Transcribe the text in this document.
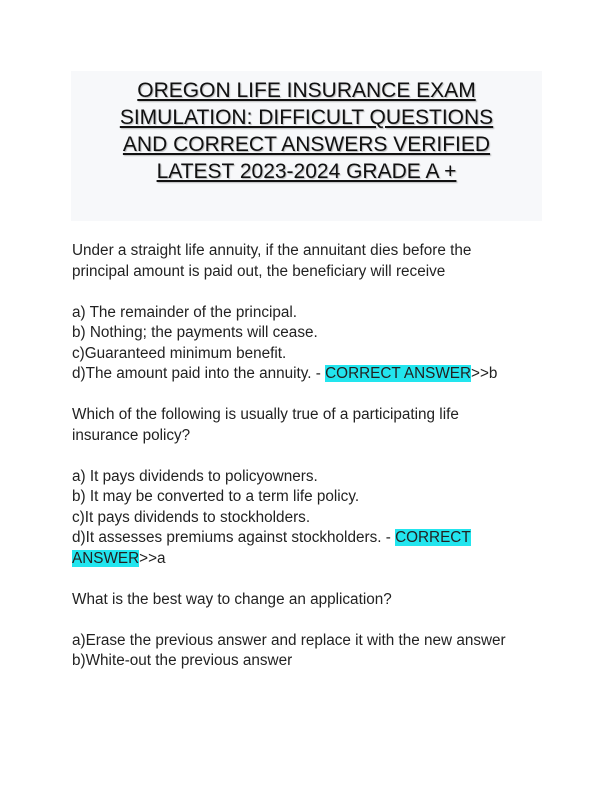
OREGON LIFE INSURANCE EXAM
SIMULATION: DIFFICULT QUESTIONS
AND CORRECT ANSWERS VERIFIED
LATEST 2023-2024 GRADE A +
Under a straight life annuity, if the annuitant dies before the
principal amount is paid out, the beneficiary will receive
a) The remainder of the principal.
b) Nothing; the payments will cease.
c)Guaranteed minimum benefit.
d)The amount paid into the annuity. - CORRECT ANSWER>>b
Which of the following is usually true of a participating life
insurance policy?
a) It pays dividends to policyowners.
b) It may be converted to a term life policy.
c)It pays dividends to stockholders.
d)It assesses premiums against stockholders. - CORRECT
ANSWER>>a
What is the best way to change an application?
a)Erase the previous answer and replace it with the new answer
b)White-out the previous answer
